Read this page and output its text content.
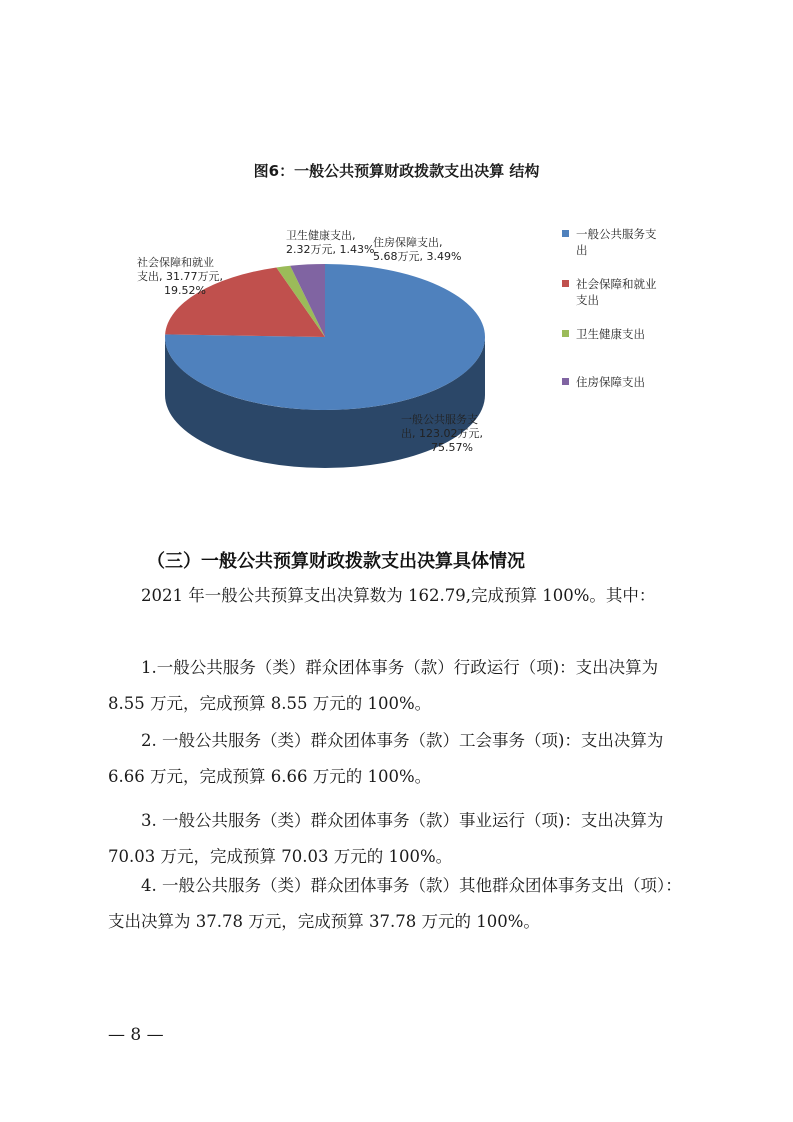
图6：一般公共预算财政拨款支出决算 结构
一般公共服务支
出, 123.02万元,
75.57%
社会保障和就业
支出, 31.77万元,
19.52%
卫生健康支出,
2.32万元, 1.43%
住房保障支出,
5.68万元, 3.49%
一般公共服务支
出
社会保障和就业
支出
卫生健康支出
住房保障支出
（三）一般公共预算财政拨款支出决算具体情况
　　2021 年一般公共预算支出决算数为 162.79,完成预算 100%。其中：
　　1.一般公共服务（类）群众团体事务（款）行政运行（项)：支出决算为 8.55 万元，完成预算 8.55 万元的 100%。
　　2. 一般公共服务（类）群众团体事务（款）工会事务（项)：支出决算为 6.66 万元，完成预算 6.66 万元的 100%。
　　3. 一般公共服务（类）群众团体事务（款）事业运行（项)：支出决算为 70.03 万元，完成预算 70.03 万元的 100%。
　　4. 一般公共服务（类）群众团体事务（款）其他群众团体事务支出（项）：支出决算为 37.78 万元，完成预算 37.78 万元的 100%。
— 8 —
